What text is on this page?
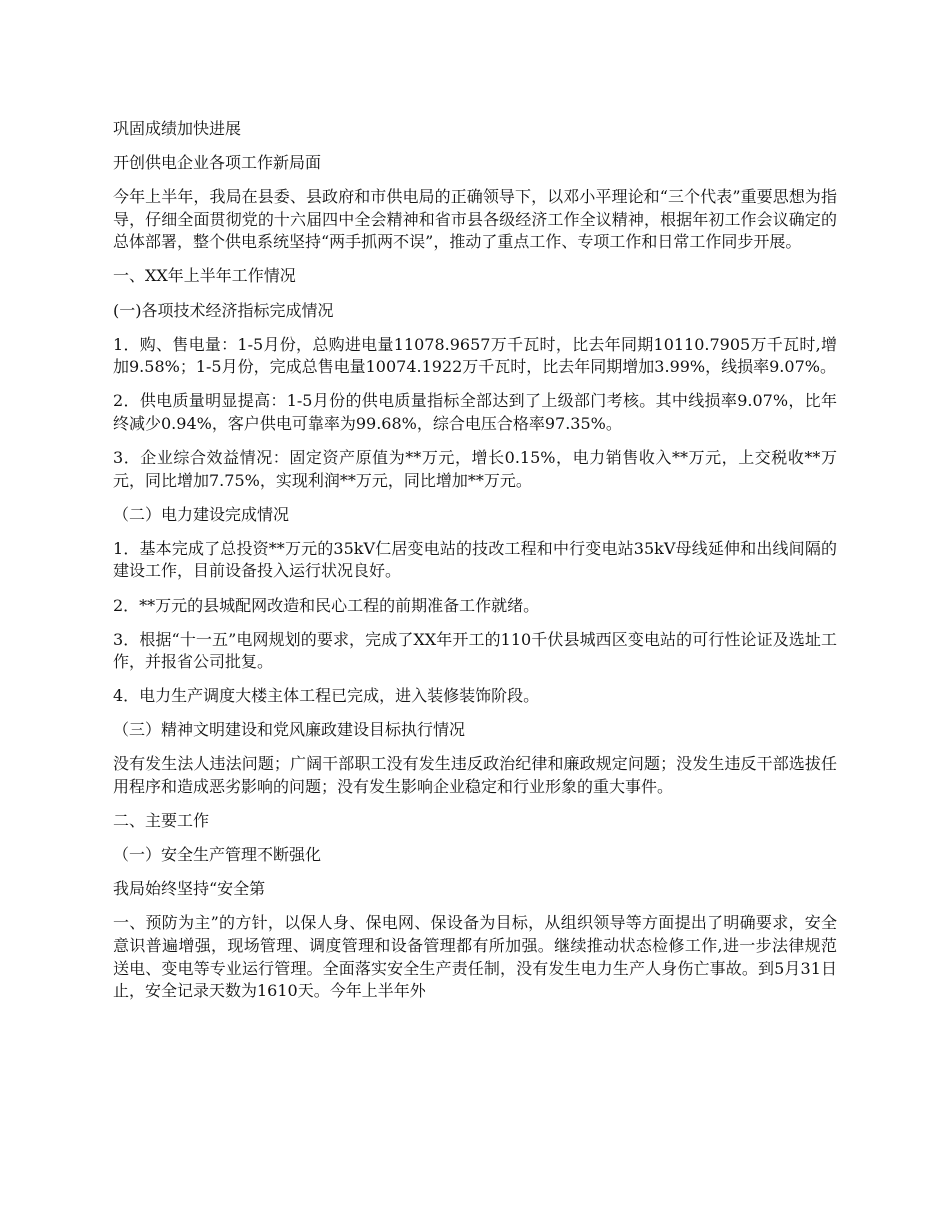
巩固成绩加快进展

开创供电企业各项工作新局面

今年上半年，我局在县委、县政府和市供电局的正确领导下，以邓小平理论和“三个代表”重要思想为指导，仔细全面贯彻党的十六届四中全会精神和省市县各级经济工作全议精神，根据年初工作会议确定的总体部署，整个供电系统坚持“两手抓两不误”，推动了重点工作、专项工作和日常工作同步开展。

一、XX年上半年工作情况

(一)各项技术经济指标完成情况

1．购、售电量：1-5月份，总购进电量11078.9657万千瓦时，比去年同期10110.7905万千瓦时,增加9.58%；1-5月份，完成总售电量10074.1922万千瓦时，比去年同期增加3.99%，线损率9.07%。

2．供电质量明显提高：1-5月份的供电质量指标全部达到了上级部门考核。其中线损率9.07%，比年终减少0.94%，客户供电可靠率为99.68%，综合电压合格率97.35%。

3．企业综合效益情况：固定资产原值为**万元，增长0.15%，电力销售收入**万元，上交税收**万元，同比增加7.75%，实现利润**万元，同比增加**万元。

（二）电力建设完成情况

1．基本完成了总投资**万元的35kV仁居变电站的技改工程和中行变电站35kV母线延伸和出线间隔的建设工作，目前设备投入运行状况良好。

2．**万元的县城配网改造和民心工程的前期准备工作就绪。

3．根据“十一五”电网规划的要求，完成了XX年开工的110千伏县城西区变电站的可行性论证及选址工作，并报省公司批复。

4．电力生产调度大楼主体工程已完成，进入装修装饰阶段。

（三）精神文明建设和党风廉政建设目标执行情况

没有发生法人违法问题；广阔干部职工没有发生违反政治纪律和廉政规定问题；没发生违反干部选拔任用程序和造成恶劣影响的问题；没有发生影响企业稳定和行业形象的重大事件。

二、主要工作

（一）安全生产管理不断强化

我局始终坚持“安全第

一、预防为主”的方针，以保人身、保电网、保设备为目标，从组织领导等方面提出了明确要求，安全意识普遍增强，现场管理、调度管理和设备管理都有所加强。继续推动状态检修工作,进一步法律规范送电、变电等专业运行管理。全面落实安全生产责任制，没有发生电力生产人身伤亡事故。到5月31日止，安全记录天数为1610天。今年上半年外
